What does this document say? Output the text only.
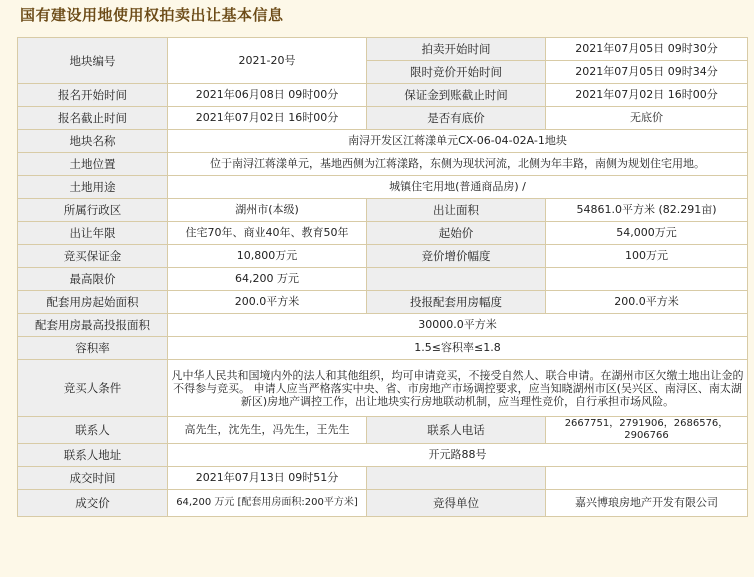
国有建设用地使用权拍卖出让基本信息
地块编号	2021-20号	拍卖开始时间	2021年07月05日 09时30分
		限时竞价开始时间	2021年07月05日 09时34分
报名开始时间	2021年06月08日 09时00分	保证金到账截止时间	2021年07月02日 16时00分
报名截止时间	2021年07月02日 16时00分	是否有底价	无底价
地块名称	南浔开发区江蒋漾单元CX-06-04-02A-1地块		
土地位置	位于南浔江蒋漾单元，基地西侧为江蒋漾路，东侧为现状河流，北侧为年丰路，南侧为规划住宅用地。		
土地用途	城镇住宅用地(普通商品房) /		
所属行政区	湖州市(本级)	出让面积	54861.0平方米 (82.291亩)
出让年限	住宅70年、商业40年、教育50年	起始价	54,000万元
竞买保证金	10,800万元	竞价增价幅度	100万元
最高限价	64,200 万元		
配套用房起始面积	200.0平方米	投报配套用房幅度	200.0平方米
配套用房最高投报面积	30000.0平方米		
容积率	1.5≤容积率≤1.8		
竞买人条件	凡中华人民共和国境内外的法人和其他组织，均可申请竞买，不接受自然人、联合申请。在湖州市区欠缴土地出让金的不得参与竞买。 申请人应当严格落实中央、省、市房地产市场调控要求，应当知晓湖州市区(吴兴区、南浔区、南太湖新区)房地产调控工作，出让地块实行房地联动机制，应当理性竞价，自行承担市场风险。		
联系人	高先生，沈先生，冯先生，王先生	联系人电话	2667751，2791906，2686576，2906766
联系人地址	开元路88号		
成交时间	2021年07月13日 09时51分		
成交价	64,200 万元 [配套用房面积:200平方米]	竞得单位	嘉兴博琅房地产开发有限公司
